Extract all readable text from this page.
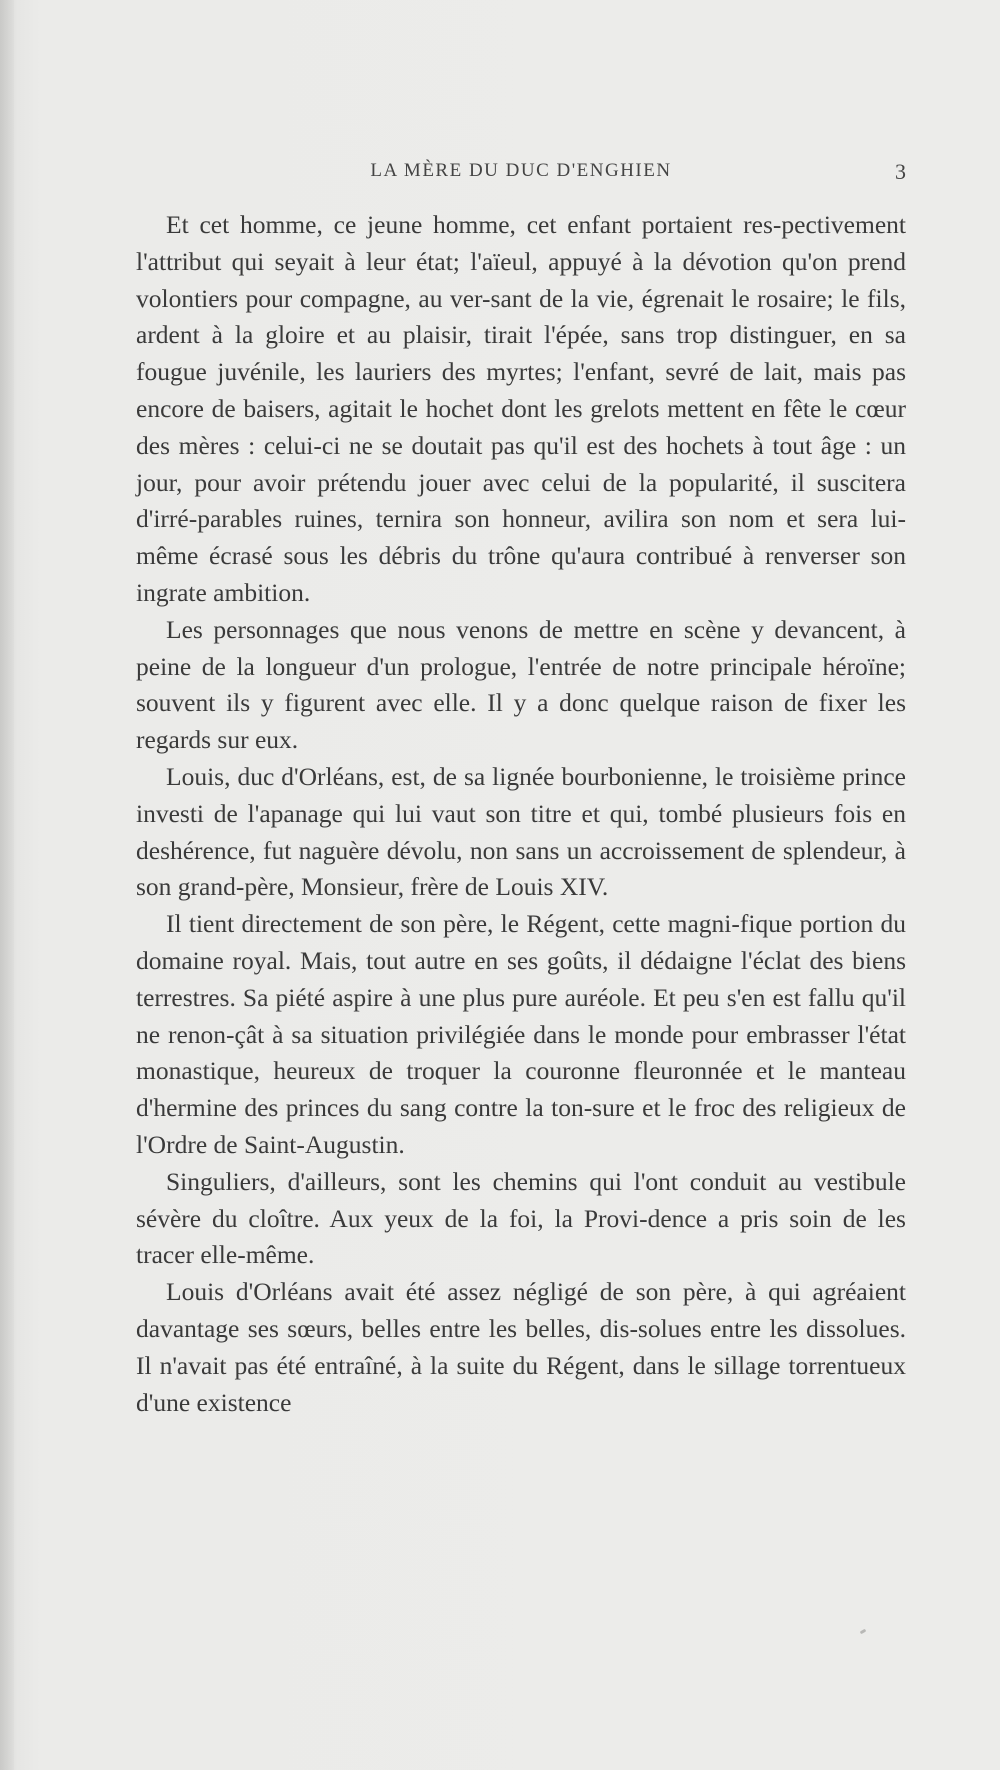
LA MÈRE DU DUC D'ENGHIEN	3

Et cet homme, ce jeune homme, cet enfant portaient res-pectivement l'attribut qui seyait à leur état; l'aïeul, appuyé à la dévotion qu'on prend volontiers pour compagne, au ver-sant de la vie, égrenait le rosaire; le fils, ardent à la gloire et au plaisir, tirait l'épée, sans trop distinguer, en sa fougue juvénile, les lauriers des myrtes; l'enfant, sevré de lait, mais pas encore de baisers, agitait le hochet dont les grelots mettent en fête le cœur des mères : celui-ci ne se doutait pas qu'il est des hochets à tout âge : un jour, pour avoir prétendu jouer avec celui de la popularité, il suscitera d'irré-parables ruines, ternira son honneur, avilira son nom et sera lui-même écrasé sous les débris du trône qu'aura contribué à renverser son ingrate ambition.

Les personnages que nous venons de mettre en scène y devancent, à peine de la longueur d'un prologue, l'entrée de notre principale héroïne; souvent ils y figurent avec elle. Il y a donc quelque raison de fixer les regards sur eux.

Louis, duc d'Orléans, est, de sa lignée bourbonienne, le troisième prince investi de l'apanage qui lui vaut son titre et qui, tombé plusieurs fois en deshérence, fut naguère dévolu, non sans un accroissement de splendeur, à son grand-père, Monsieur, frère de Louis XIV.

Il tient directement de son père, le Régent, cette magni-fique portion du domaine royal. Mais, tout autre en ses goûts, il dédaigne l'éclat des biens terrestres. Sa piété aspire à une plus pure auréole. Et peu s'en est fallu qu'il ne renon-çât à sa situation privilégiée dans le monde pour embrasser l'état monastique, heureux de troquer la couronne fleuronnée et le manteau d'hermine des princes du sang contre la ton-sure et le froc des religieux de l'Ordre de Saint-Augustin.

Singuliers, d'ailleurs, sont les chemins qui l'ont conduit au vestibule sévère du cloître. Aux yeux de la foi, la Provi-dence a pris soin de les tracer elle-même.

Louis d'Orléans avait été assez négligé de son père, à qui agréaient davantage ses sœurs, belles entre les belles, dis-solues entre les dissolues. Il n'avait pas été entraîné, à la suite du Régent, dans le sillage torrentueux d'une existence
